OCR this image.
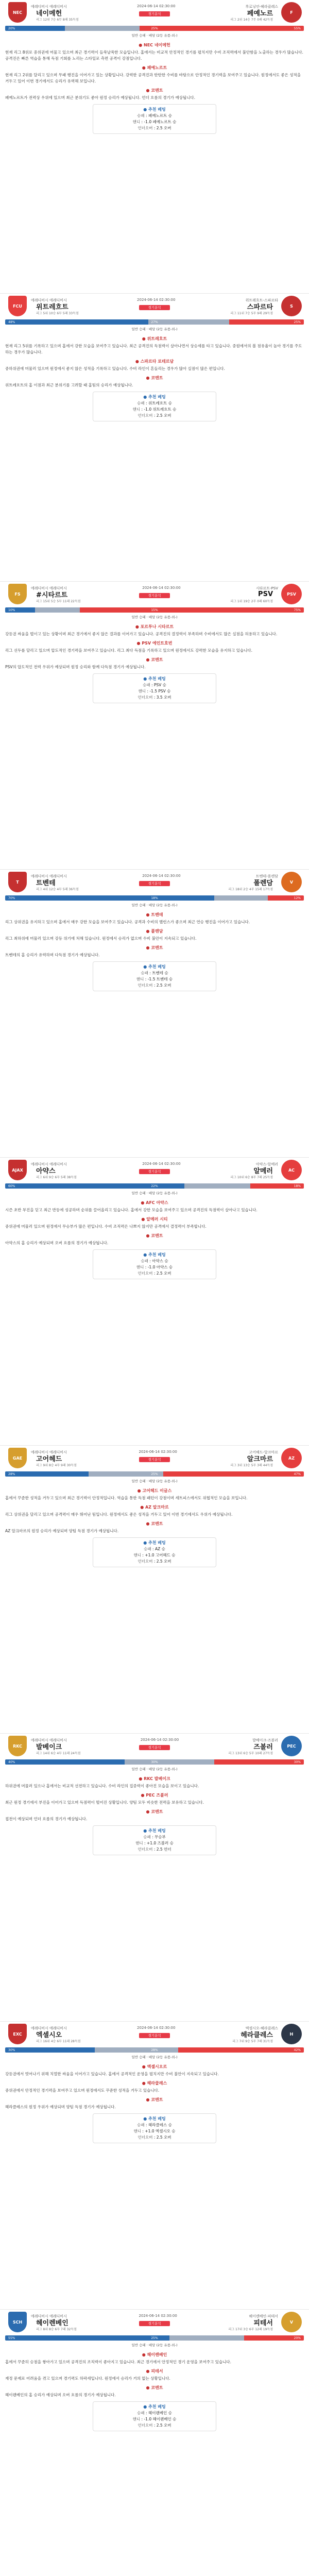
NEC	F
에레디비시 에레디비시	2024-06-14 02:30:00	후로닝언-헤라클레스
네이메헌	페예노르
경기분석
리그 12위 7승 6무 8패 35득점	리그 2위 14승 7무 0패 42득점
20%	25%	55%
일반 승패 · 배당 (2등 유품-외-)
● NEC 네이메헌
현재 리그 8위로 중위권에 머물고 있으며 최근 경기력이 들쑥날쑥한 모습입니다. 홈에서는 비교적 안정적인 경기를 펼치지만 수비 조직력에서 불안함을 노출하는 경우가 많습니다. 공격진은 빠른 역습을 통해 득점 기회를 노리는 스타일로 측면 공격이 강점입니다.
● 페예노르트
현재 리그 2위를 달리고 있으며 무패 행진을 이어가고 있는 상황입니다. 강력한 공격진과 탄탄한 수비를 바탕으로 안정적인 경기력을 보여주고 있습니다. 원정에서도 좋은 성적을 거두고 있어 이번 경기에서도 승리가 유력해 보입니다.
● 코멘트
페예노르트가 전력상 우위에 있으며 최근 분위기도 좋아 원정 승리가 예상됩니다. 언더 흐름의 경기가 예상됩니다.
● 추천 베팅
승패 : 페예노르트 승
핸디 : -1.0 페예노르트 승
언더오버 : 2.5 오버
FCU	S
에레디비시 에레디비시	2024-06-14 02:30:00	위트레흐트-스파르타
위트레흐트	스파르타
경기분석
리그 5위 10승 6무 5패 33득점	리그 11위 7승 5무 9패 29득점
48%	27%	25%
일반 승패 · 배당 (2등 유품-외-)
● 위트레흐트
현재 리그 5위를 기록하고 있으며 홈에서 강한 모습을 보여주고 있습니다. 최근 공격진의 득점력이 살아나면서 상승세를 타고 있습니다. 중원에서의 볼 점유율이 높아 경기를 주도하는 경우가 많습니다.
● 스파르타 로테르담
중하위권에 머물러 있으며 원정에서 좋지 않은 성적을 기록하고 있습니다. 수비 라인이 흔들리는 경우가 많아 실점이 많은 편입니다.
● 코멘트
위트레흐트의 홈 이점과 최근 분위기를 고려할 때 홈팀의 승리가 예상됩니다.
● 추천 베팅
승패 : 위트레흐트 승
핸디 : -1.0 위트레흐트 승
언더오버 : 2.5 오버
FS	PSV
에레디비시 에레디비시	2024-06-14 02:30:00	시타르트-PSV
#시타르트	PSV
경기분석
리그 15위 5승 5무 11패 22득점	리그 1위 19승 2무 0패 60득점
10%	15%	75%
일반 승패 · 배당 (2등 유품-외-)
● 포르투나 시타르트
강등권 싸움을 벌이고 있는 상황이며 최근 경기에서 좋지 않은 결과를 이어가고 있습니다. 공격진의 결정력이 부족하며 수비에서도 많은 실점을 허용하고 있습니다.
● PSV 에인트호번
리그 선두를 달리고 있으며 압도적인 경기력을 보여주고 있습니다. 리그 최다 득점을 기록하고 있으며 원정에서도 강력한 모습을 유지하고 있습니다.
● 코멘트
PSV의 압도적인 전력 우위가 예상되며 원정 승리와 함께 다득점 경기가 예상됩니다.
● 추천 베팅
승패 : PSV 승
핸디 : -1.5 PSV 승
언더오버 : 3.5 오버
T	V
에레디비시 에레디비시	2024-06-14 02:30:00	트벤테-폴렌담
트벤테	폴렌담
경기분석
리그 4위 12승 4무 5패 36득점	리그 18위 2승 4무 15패 17득점
70%	18%	12%
일반 승패 · 배당 (2등 유품-외-)
● 트벤테
리그 상위권을 유지하고 있으며 홈에서 매우 강한 모습을 보여주고 있습니다. 공격과 수비의 밸런스가 좋으며 최근 연승 행진을 이어가고 있습니다.
● 폴렌담
리그 최하위에 머물러 있으며 강등 위기에 처해 있습니다. 원정에서 승리가 없으며 수비 불안이 지속되고 있습니다.
● 코멘트
트벤테의 홈 승리가 유력하며 다득점 경기가 예상됩니다.
● 추천 베팅
승패 : 트벤테 승
핸디 : -1.5 트벤테 승
언더오버 : 2.5 오버
AJAX	AC
에레디비시 에레디비시	2024-06-14 02:30:00	아약스-알메러
아약스	알메러
경기분석
리그 6위 9승 6무 5패 38득점	리그 10위 6승 8무 7패 25득점
60%	22%	18%
일반 승패 · 배당 (2등 유품-외-)
● AFC 아약스
시즌 초반 부진을 딛고 최근 반등에 성공하며 순위를 끌어올리고 있습니다. 홈에서 강한 모습을 보여주고 있으며 공격진의 득점력이 살아나고 있습니다.
● 알메러 시티
중위권에 머물러 있으며 원정에서 무승부가 많은 편입니다. 수비 조직력은 나쁘지 않지만 공격에서 결정력이 부족합니다.
● 코멘트
아약스의 홈 승리가 예상되며 오버 흐름의 경기가 예상됩니다.
● 추천 베팅
승패 : 아약스 승
핸디 : -1.0 아약스 승
언더오버 : 2.5 오버
GAE	AZ
에레디비시 에레디비시	2024-06-14 02:30:00	고어헤드-알크마르
고어헤드	알크마르
경기분석
리그 9위 8승 4무 9패 30득점	리그 3위 13승 5무 3패 44득점
28%	25%	47%
일반 승패 · 배당 (2등 유품-외-)
● 고어헤드 이글스
홈에서 꾸준한 성적을 거두고 있으며 최근 경기력이 안정적입니다. 역습을 통한 득점 패턴이 강점이며 세트피스에서도 위협적인 모습을 보입니다.
● AZ 알크마르
리그 상위권을 달리고 있으며 공격력이 매우 뛰어난 팀입니다. 원정에서도 좋은 성적을 거두고 있어 이번 경기에서도 우위가 예상됩니다.
● 코멘트
AZ 알크마르의 원정 승리가 예상되며 양팀 득점 경기가 예상됩니다.
● 추천 베팅
승패 : AZ 승
핸디 : +1.0 고어헤드 승
언더오버 : 2.5 오버
RKC	PEC
에레디비시 에레디비시	2024-06-14 02:30:00	발베이크-즈볼러
발베이크	즈볼러
경기분석
리그 14위 6승 4무 11패 24득점	리그 13위 6승 5무 10패 27득점
40%	30%	30%
일반 승패 · 배당 (2등 유품-외-)
● RKC 발베이크
하위권에 머물러 있으나 홈에서는 비교적 선전하고 있습니다. 수비 라인의 집중력이 좋아진 모습을 보이고 있습니다.
● PEC 즈볼러
최근 원정 경기에서 부진을 이어가고 있으며 득점력이 떨어진 상황입니다. 양팀 모두 비슷한 전력을 보유하고 있습니다.
● 코멘트
접전이 예상되며 언더 흐름의 경기가 예상됩니다.
● 추천 베팅
승패 : 무승부
핸디 : +1.0 즈볼러 승
언더오버 : 2.5 언더
EXC	H
에레디비시 에레디비시	2024-06-14 02:30:00	엑셀시오-헤라클레스
엑셀시오	헤라클레스
경기분석
리그 16위 4승 6무 11패 28득점	리그 7위 9승 5무 7패 31득점
30%	28%	42%
일반 승패 · 배당 (2등 유품-외-)
● 엑셀시오르
강등권에서 벗어나기 위해 치열한 싸움을 이어가고 있습니다. 홈에서 공격적인 운영을 펼치지만 수비 불안이 지속되고 있습니다.
● 헤라클레스
중위권에서 안정적인 경기력을 보여주고 있으며 원정에서도 꾸준한 성적을 거두고 있습니다.
● 코멘트
헤라클레스의 원정 우위가 예상되며 양팀 득점 경기가 예상됩니다.
● 추천 베팅
승패 : 헤라클레스 승
핸디 : +1.0 엑셀시오 승
언더오버 : 2.5 오버
SCH	V
에레디비시 에레디비시	2024-06-14 02:30:00	헤이렌베인-피테서
헤이렌베인	피테서
경기분석
리그 8위 8승 6무 7패 32득점	리그 17위 3승 6무 12패 19득점
55%	25%	20%
일반 승패 · 배당 (2등 유품-외-)
● 헤이렌베인
홈에서 꾸준히 승점을 쌓아가고 있으며 공격진의 조직력이 좋아지고 있습니다. 최근 경기에서 안정적인 경기 운영을 보여주고 있습니다.
● 피테서
재정 문제로 어려움을 겪고 있으며 경기력도 하락세입니다. 원정에서 승리가 거의 없는 상황입니다.
● 코멘트
헤이렌베인의 홈 승리가 예상되며 오버 흐름의 경기가 예상됩니다.
● 추천 베팅
승패 : 헤이렌베인 승
핸디 : -1.0 헤이렌베인 승
언더오버 : 2.5 오버
